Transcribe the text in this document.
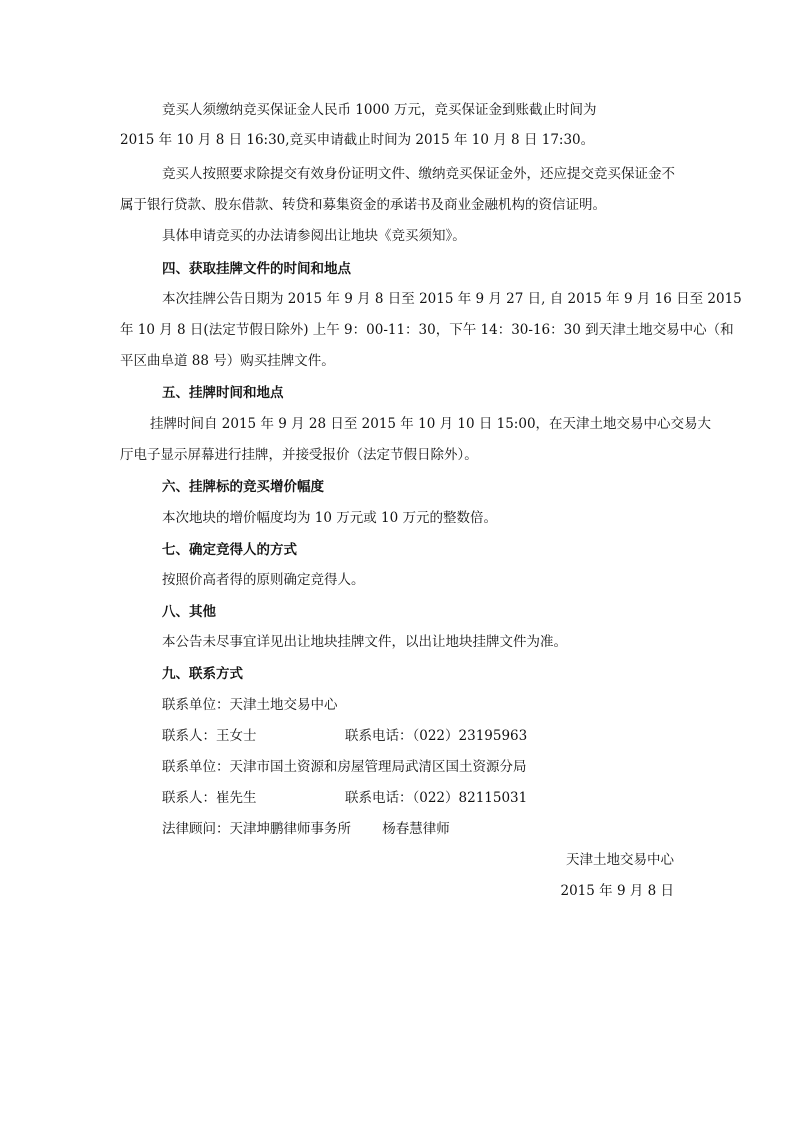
竞买人须缴纳竞买保证金人民币 1000 万元，竞买保证金到账截止时间为
2015 年 10 月 8 日 16:30,竞买申请截止时间为 2015 年 10 月 8 日 17:30。
竞买人按照要求除提交有效身份证明文件、缴纳竞买保证金外，还应提交竞买保证金不
属于银行贷款、股东借款、转贷和募集资金的承诺书及商业金融机构的资信证明。
具体申请竞买的办法请参阅出让地块《竞买须知》。
四、获取挂牌文件的时间和地点
本次挂牌公告日期为 2015 年 9 月 8 日至 2015 年 9 月 27 日, 自 2015 年 9 月 16 日至 2015
年 10 月 8 日(法定节假日除外) 上午 9：00-11：30，下午 14：30-16：30 到天津土地交易中心（和
平区曲阜道 88 号）购买挂牌文件。
五、挂牌时间和地点
挂牌时间自 2015 年 9 月 28 日至 2015 年 10 月 10 日 15:00，在天津土地交易中心交易大
厅电子显示屏幕进行挂牌，并接受报价（法定节假日除外）。
六、挂牌标的竞买增价幅度
本次地块的增价幅度均为 10 万元或 10 万元的整数倍。
七、确定竞得人的方式
按照价高者得的原则确定竞得人。
八、其他
本公告未尽事宜详见出让地块挂牌文件，以出让地块挂牌文件为准。
九、联系方式
联系单位：天津土地交易中心
联系人：王女士	联系电话：（022）23195963
联系单位：天津市国土资源和房屋管理局武清区国土资源分局
联系人：崔先生	联系电话：（022）82115031
法律顾问：天津坤鹏律师事务所　　 杨春慧律师
天津土地交易中心
2015 年 9 月 8 日
